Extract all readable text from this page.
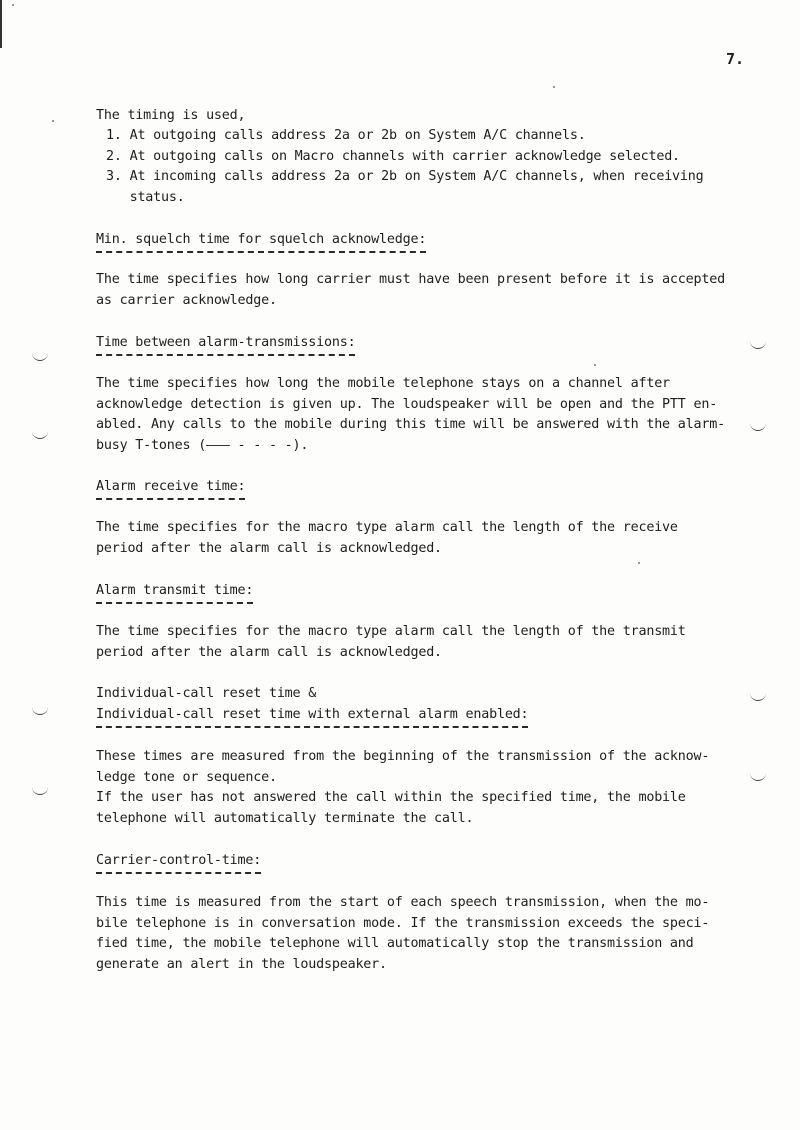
7.
The timing is used,
1. At outgoing calls address 2a or 2b on System A/C channels.
2. At outgoing calls on Macro channels with carrier acknowledge selected.
3. At incoming calls address 2a or 2b on System A/C channels, when receiving
status.
Min. squelch time for squelch acknowledge:
The time specifies how long carrier must have been present before it is accepted
as carrier acknowledge.
Time between alarm-transmissions:
The time specifies how long the mobile telephone stays on a channel after
acknowledge detection is given up. The loudspeaker will be open and the PTT en-
abled. Any calls to the mobile during this time will be answered with the alarm-
busy T-tones (——— - - - -).
Alarm receive time:
The time specifies for the macro type alarm call the length of the receive
period after the alarm call is acknowledged.
Alarm transmit time:
The time specifies for the macro type alarm call the length of the transmit
period after the alarm call is acknowledged.
Individual-call reset time &
Individual-call reset time with external alarm enabled:
These times are measured from the beginning of the transmission of the acknow-
ledge tone or sequence.
If the user has not answered the call within the specified time, the mobile
telephone will automatically terminate the call.
Carrier-control-time:
This time is measured from the start of each speech transmission, when the mo-
bile telephone is in conversation mode. If the transmission exceeds the speci-
fied time, the mobile telephone will automatically stop the transmission and
generate an alert in the loudspeaker.
